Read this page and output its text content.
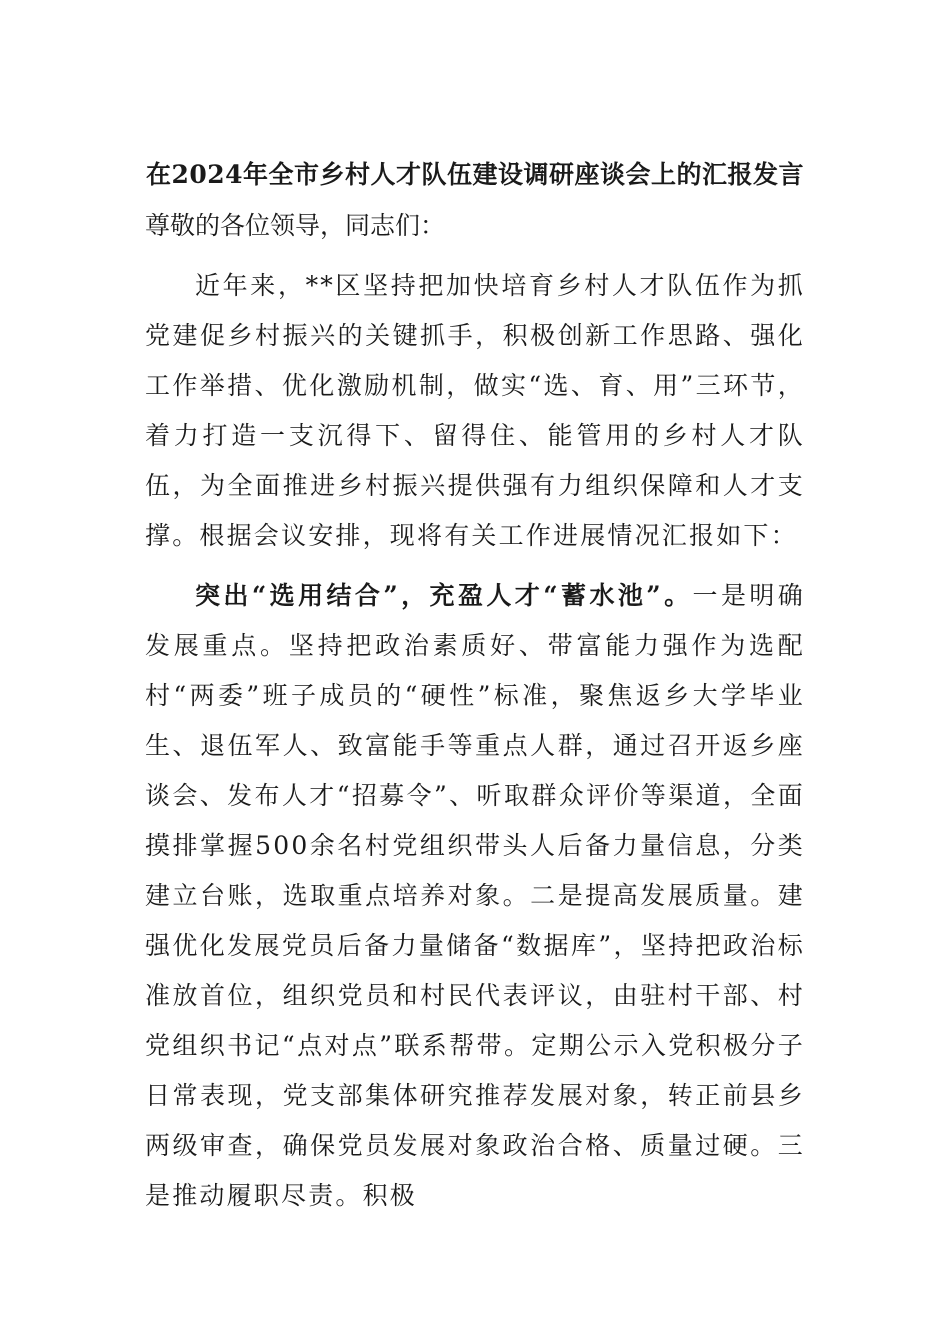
在2024年全市乡村人才队伍建设调研座谈会上的汇报发言

尊敬的各位领导，同志们：

近年来，**区坚持把加快培育乡村人才队伍作为抓党建促乡村振兴的关键抓手，积极创新工作思路、强化工作举措、优化激励机制，做实“选、育、用”三环节，着力打造一支沉得下、留得住、能管用的乡村人才队伍，为全面推进乡村振兴提供强有力组织保障和人才支撑。根据会议安排，现将有关工作进展情况汇报如下：

突出“选用结合”，充盈人才“蓄水池”。一是明确发展重点。坚持把政治素质好、带富能力强作为选配村“两委”班子成员的“硬性”标准，聚焦返乡大学毕业生、退伍军人、致富能手等重点人群，通过召开返乡座谈会、发布人才“招募令”、听取群众评价等渠道，全面摸排掌握500余名村党组织带头人后备力量信息，分类建立台账，选取重点培养对象。二是提高发展质量。建强优化发展党员后备力量储备“数据库”，坚持把政治标准放首位，组织党员和村民代表评议，由驻村干部、村党组织书记“点对点”联系帮带。定期公示入党积极分子日常表现，党支部集体研究推荐发展对象，转正前县乡两级审查，确保党员发展对象政治合格、质量过硬。三是推动履职尽责。积极
